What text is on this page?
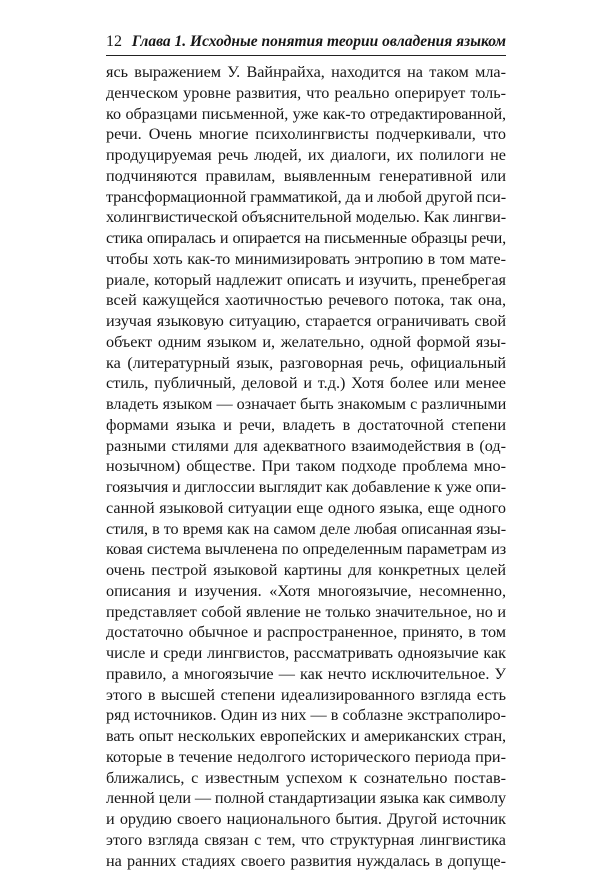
12 Глава 1. Исходные понятия теории овладения языком
ясь выражением У. Вайнрайха, находится на таком мла-
денческом уровне развития, что реально оперирует толь-
ко образцами письменной, уже как-то отредактированной,
речи. Очень многие психолингвисты подчеркивали, что
продуцируемая речь людей, их диалоги, их полилоги не
подчиняются правилам, выявленным генеративной или
трансформационной грамматикой, да и любой другой пси-
холингвистической объяснительной моделью. Как лингви-
стика опиралась и опирается на письменные образцы речи,
чтобы хоть как-то минимизировать энтропию в том мате-
риале, который надлежит описать и изучить, пренебрегая
всей кажущейся хаотичностью речевого потока, так она,
изучая языковую ситуацию, старается ограничивать свой
объект одним языком и, желательно, одной формой язы-
ка (литературный язык, разговорная речь, официальный
стиль, публичный, деловой и т.д.) Хотя более или менее
владеть языком — означает быть знакомым с различными
формами языка и речи, владеть в достаточной степени
разными стилями для адекватного взаимодействия в (од-
нозычном) обществе. При таком подходе проблема мно-
гоязычия и диглоссии выглядит как добавление к уже опи-
санной языковой ситуации еще одного языка, еще одного
стиля, в то время как на самом деле любая описанная язы-
ковая система вычленена по определенным параметрам из
очень пестрой языковой картины для конкретных целей
описания и изучения. «Хотя многоязычие, несомненно,
представляет собой явление не только значительное, но и
достаточно обычное и распространенное, принято, в том
числе и среди лингвистов, рассматривать одноязычие как
правило, а многоязычие — как нечто исключительное. У
этого в высшей степени идеализированного взгляда есть
ряд источников. Один из них — в соблазне экстраполиро-
вать опыт нескольких европейских и американских стран,
которые в течение недолгого исторического периода при-
ближались, с известным успехом к сознательно постав-
ленной цели — полной стандартизации языка как символу
и орудию своего национального бытия. Другой источник
этого взгляда связан с тем, что структурная лингвистика
на ранних стадиях своего развития нуждалась в допуще-
